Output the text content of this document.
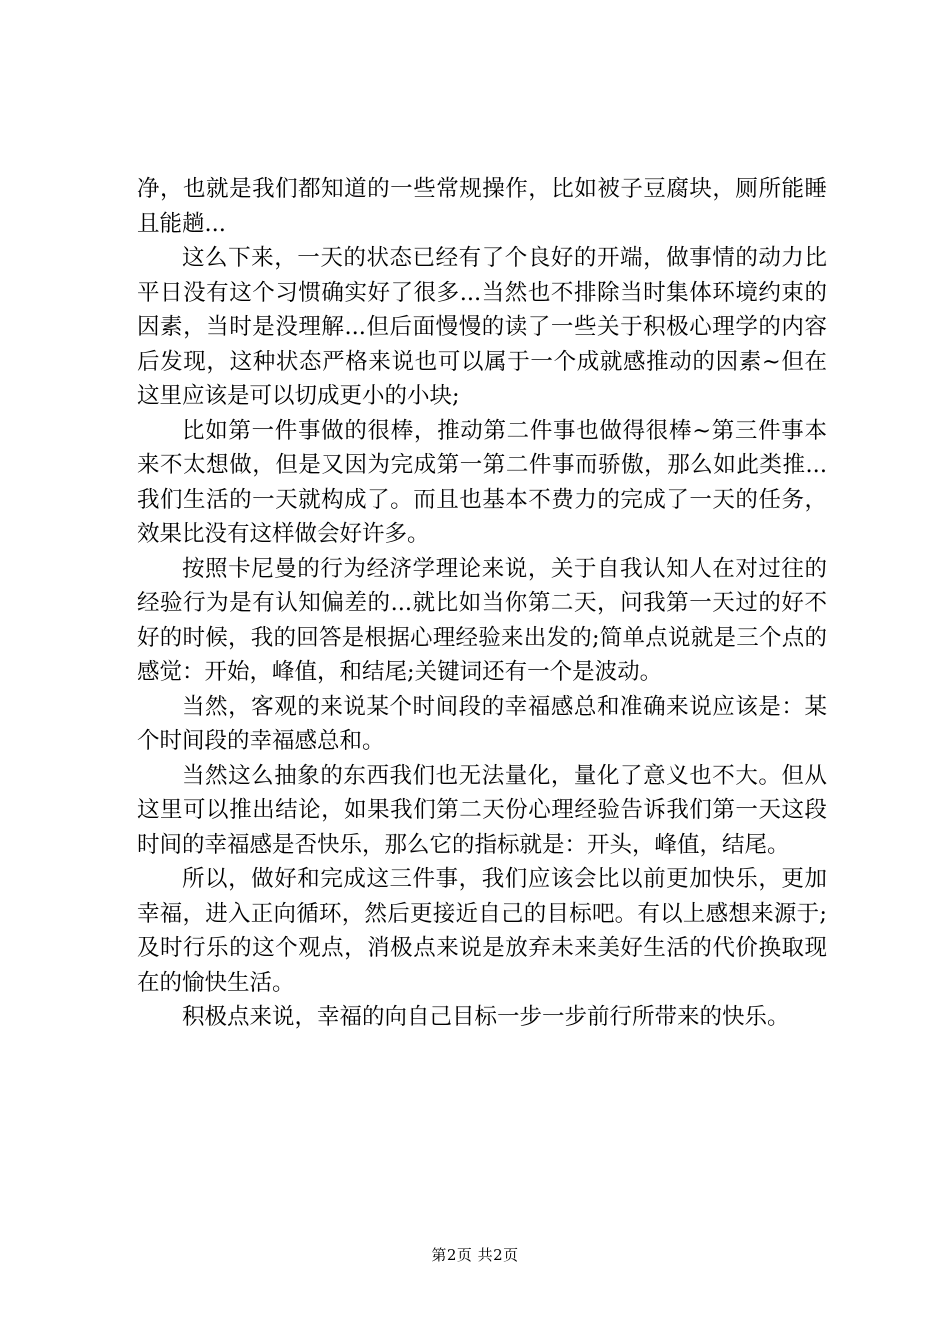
净，也就是我们都知道的一些常规操作，比如被子豆腐块，厕所能睡且能趟...

这么下来，一天的状态已经有了个良好的开端，做事情的动力比平日没有这个习惯确实好了很多...当然也不排除当时集体环境约束的因素，当时是没理解...但后面慢慢的读了一些关于积极心理学的内容后发现，这种状态严格来说也可以属于一个成就感推动的因素~但在这里应该是可以切成更小的小块;

比如第一件事做的很棒，推动第二件事也做得很棒~第三件事本来不太想做，但是又因为完成第一第二件事而骄傲，那么如此类推...我们生活的一天就构成了。而且也基本不费力的完成了一天的任务，效果比没有这样做会好许多。

按照卡尼曼的行为经济学理论来说，关于自我认知人在对过往的经验行为是有认知偏差的...就比如当你第二天，问我第一天过的好不好的时候，我的回答是根据心理经验来出发的;简单点说就是三个点的感觉：开始，峰值，和结尾;关键词还有一个是波动。

当然，客观的来说某个时间段的幸福感总和准确来说应该是：某个时间段的幸福感总和。

当然这么抽象的东西我们也无法量化，量化了意义也不大。但从这里可以推出结论，如果我们第二天份心理经验告诉我们第一天这段时间的幸福感是否快乐，那么它的指标就是：开头，峰值，结尾。

所以，做好和完成这三件事，我们应该会比以前更加快乐，更加幸福，进入正向循环，然后更接近自己的目标吧。有以上感想来源于;及时行乐的这个观点，消极点来说是放弃未来美好生活的代价换取现在的愉快生活。

积极点来说，幸福的向自己目标一步一步前行所带来的快乐。

第2页 共2页
